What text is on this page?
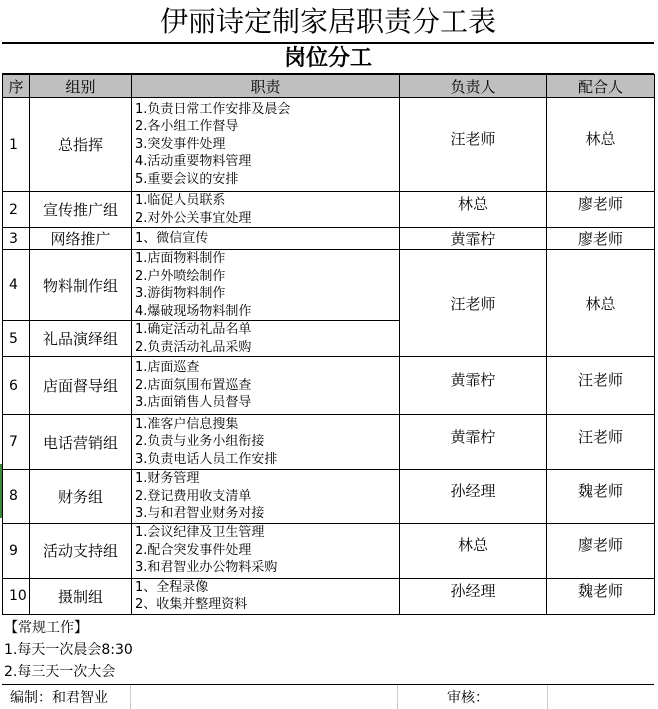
伊丽诗定制家居职责分工表
岗位分工
序	组别	职责	负责人	配合人
1	总指挥	1.负责日常工作安排及晨会
2.各小组工作督导
3.突发事件处理
4.活动重要物料管理
5.重要会议的安排	汪老师	林总

2	宣传推广组	1.临促人员联系
2.对外公关事宜处理	林总	廖老师

3	网络推广	1、微信宣传	黄霏柠	廖老师
4	物料制作组	1.店面物料制作
2.户外喷绘制作
3.游街物料制作
4.爆破现场物料制作	汪老师	林总
5	礼品演绎组	1.确定活动礼品名单
2.负责活动礼品采购		

6	店面督导组	1.店面巡查
2.店面氛围布置巡查
3.店面销售人员督导	黄霏柠	汪老师

7	电话营销组	1.准客户信息搜集
2.负责与业务小组衔接
3.负责电话人员工作安排	黄霏柠	汪老师

8	财务组	1.财务管理
2.登记费用收支清单
3.与和君智业财务对接	孙经理	魏老师

9	活动支持组	1.会议纪律及卫生管理
2.配合突发事件处理
3.和君智业办公物料采购	林总	廖老师

10	摄制组	1、全程录像
2、收集并整理资料	孙经理	魏老师
【常规工作】
1.每天一次晨会8:30
2.每三天一次大会
编制：和君智业	审核：
